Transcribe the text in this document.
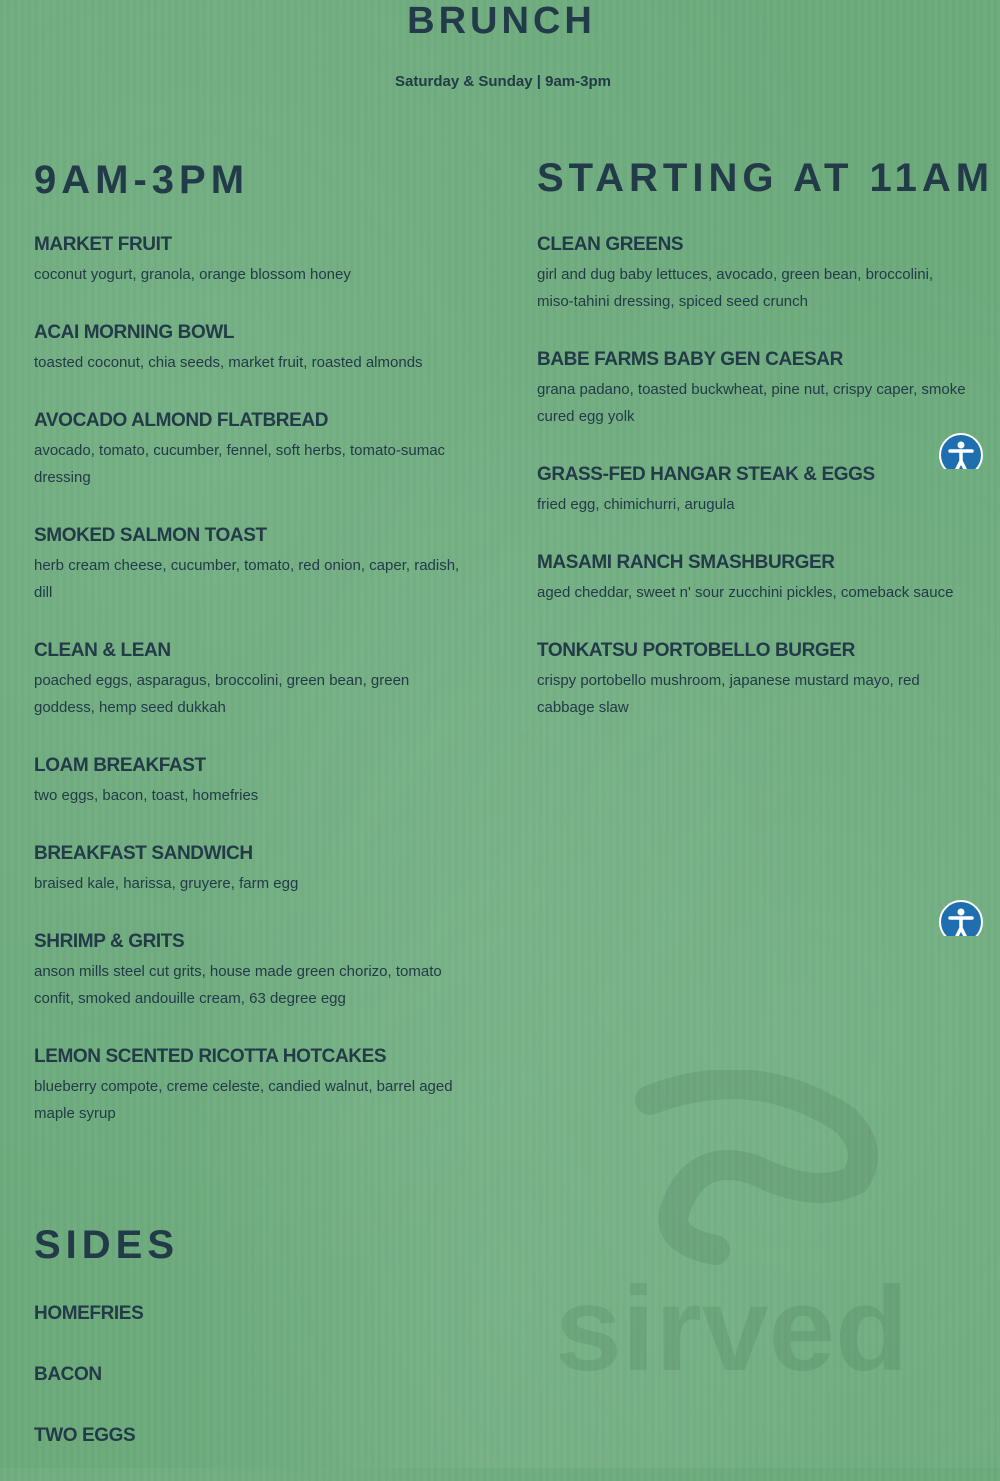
BRUNCH
Saturday & Sunday | 9am-3pm
9AM-3PM
MARKET FRUIT
coconut yogurt, granola, orange blossom honey
ACAI MORNING BOWL
toasted coconut, chia seeds, market fruit, roasted almonds
AVOCADO ALMOND FLATBREAD
avocado, tomato, cucumber, fennel, soft herbs, tomato-sumac dressing
SMOKED SALMON TOAST
herb cream cheese, cucumber, tomato, red onion, caper, radish, dill
CLEAN & LEAN
poached eggs, asparagus, broccolini, green bean, green goddess, hemp seed dukkah
LOAM BREAKFAST
two eggs, bacon, toast, homefries
BREAKFAST SANDWICH
braised kale, harissa, gruyere, farm egg
SHRIMP & GRITS
anson mills steel cut grits, house made green chorizo, tomato confit, smoked andouille cream, 63 degree egg
LEMON SCENTED RICOTTA HOTCAKES
blueberry compote, creme celeste, candied walnut, barrel aged maple syrup
STARTING AT 11AM
CLEAN GREENS
girl and dug baby lettuces, avocado, green bean, broccolini, miso-tahini dressing, spiced seed crunch
BABE FARMS BABY GEN CAESAR
grana padano, toasted buckwheat, pine nut, crispy caper, smoke cured egg yolk
GRASS-FED HANGAR STEAK & EGGS
fried egg, chimichurri, arugula
MASAMI RANCH SMASHBURGER
aged cheddar, sweet n' sour zucchini pickles, comeback sauce
TONKATSU PORTOBELLO BURGER
crispy portobello mushroom, japanese mustard mayo, red cabbage slaw
SIDES
HOMEFRIES
BACON
TWO EGGS
sirved
